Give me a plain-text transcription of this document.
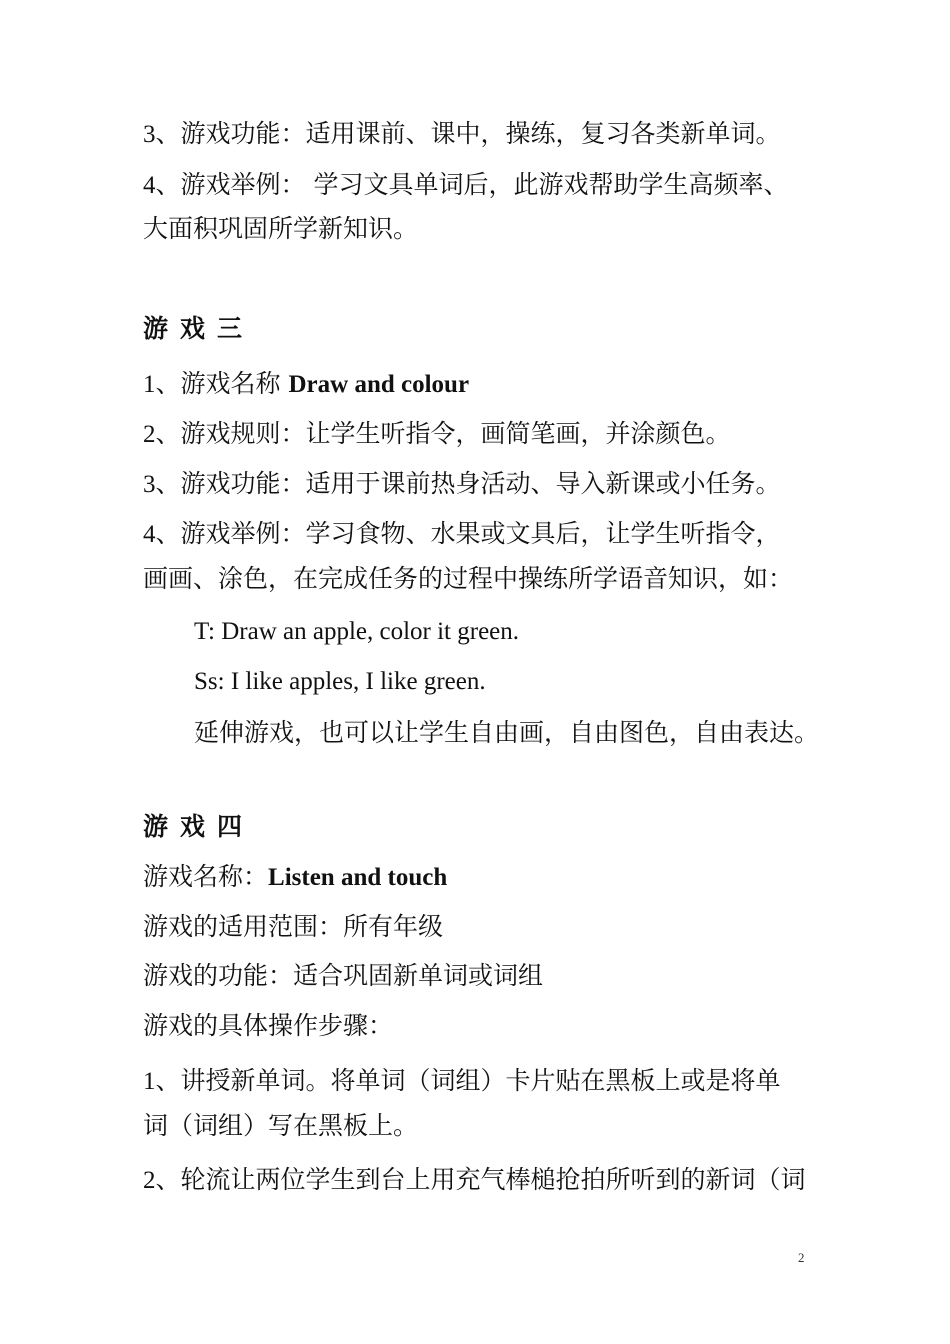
3、游戏功能：适用课前、课中，操练，复习各类新单词。
4、游戏举例： 学习文具单词后，此游戏帮助学生高频率、
大面积巩固所学新知识。
游戏三
1、游戏名称 Draw and colour
2、游戏规则：让学生听指令，画简笔画，并涂颜色。
3、游戏功能：适用于课前热身活动、导入新课或小任务。
4、游戏举例：学习食物、水果或文具后，让学生听指令，
画画、涂色，在完成任务的过程中操练所学语音知识，如：
T: Draw an apple, color it green.
Ss: I like apples, I like green.
延伸游戏，也可以让学生自由画，自由图色，自由表达。
游戏四
游戏名称：Listen and touch
游戏的适用范围：所有年级
游戏的功能：适合巩固新单词或词组
游戏的具体操作步骤：
1、讲授新单词。将单词（词组）卡片贴在黑板上或是将单
词（词组）写在黑板上。
2、轮流让两位学生到台上用充气棒槌抢拍所听到的新词（词
2
